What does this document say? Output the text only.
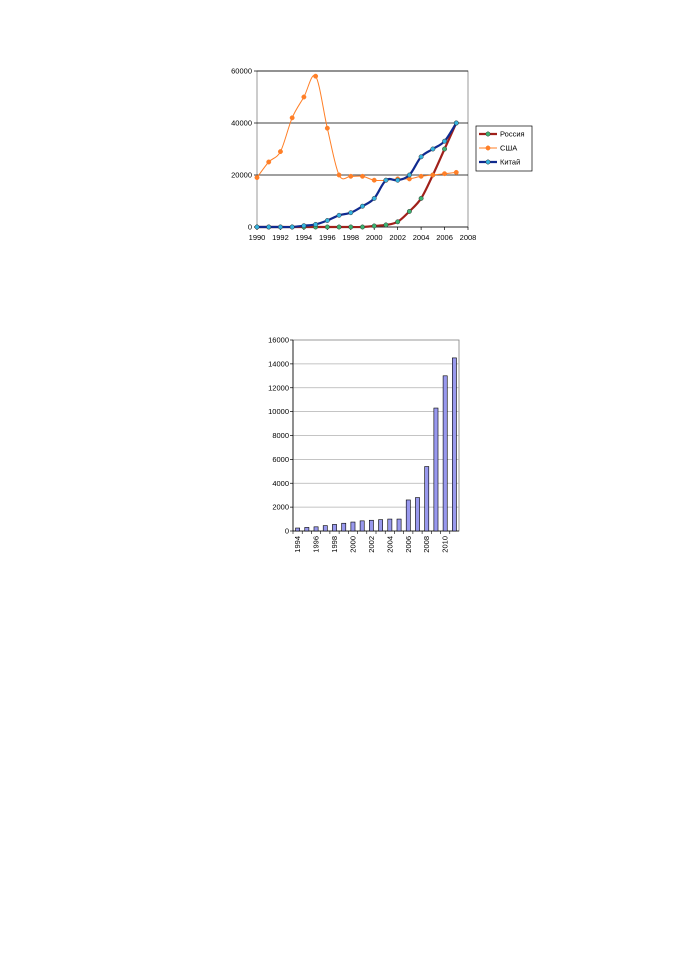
0
20000
40000
60000
1990 1992 1994 1996 1998 2000 2002 2004 2006 2008
Россия
США
Китай
0
2000
4000
6000
8000
10000
12000
14000
16000
1994 1996 1998 2000 2002 2004 2006 2008 2010
